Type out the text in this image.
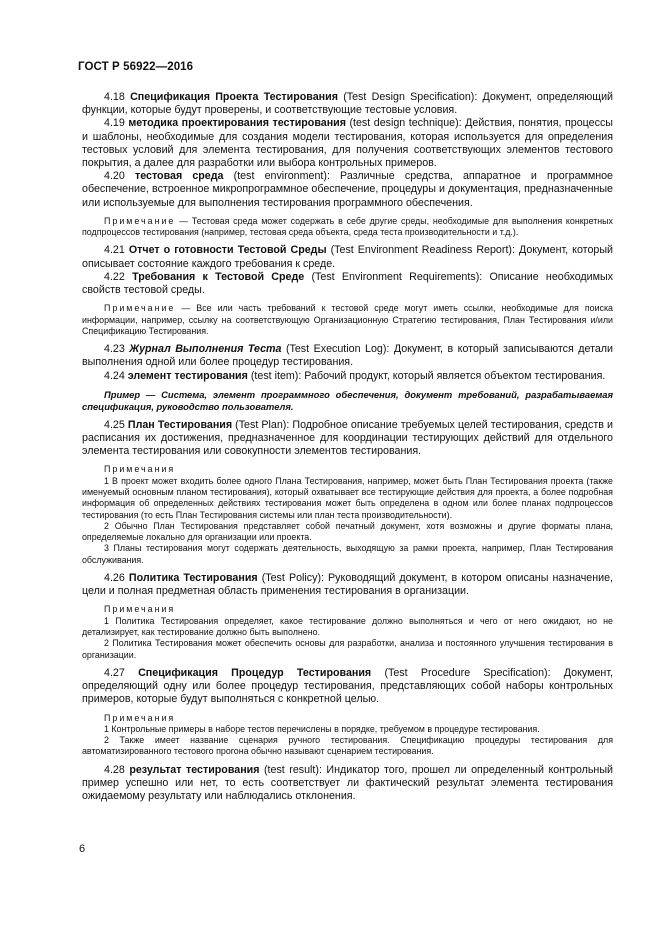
ГОСТ Р 56922—2016

4.18 Спецификация Проекта Тестирования (Test Design Specification): Документ, определяющий функции, которые будут проверены, и соответствующие тестовые условия.

4.19 методика проектирования тестирования (test design technique): Действия, понятия, процессы и шаблоны, необходимые для создания модели тестирования, которая используется для определения тестовых условий для элемента тестирования, для получения соответствующих элементов тестового покрытия, а далее для разработки или выбора контрольных примеров.

4.20 тестовая среда (test environment): Различные средства, аппаратное и программное обеспечение, встроенное микропрограммное обеспечение, процедуры и документация, предназначенные или используемые для выполнения тестирования программного обеспечения.

Примечание — Тестовая среда может содержать в себе другие среды, необходимые для выполнения конкретных подпроцессов тестирования (например, тестовая среда объекта, среда теста производительности и т.д.).

4.21 Отчет о готовности Тестовой Среды (Test Environment Readiness Report): Документ, который описывает состояние каждого требования к среде.

4.22 Требования к Тестовой Среде (Test Environment Requirements): Описание необходимых свойств тестовой среды.

Примечание — Все или часть требований к тестовой среде могут иметь ссылки, необходимые для поиска информации, например, ссылку на соответствующую Организационную Стратегию тестирования, План Тестирования и/или Спецификацию Тестирования.

4.23 Журнал Выполнения Теста (Test Execution Log): Документ, в который записываются детали выполнения одной или более процедур тестирования.

4.24 элемент тестирования (test item): Рабочий продукт, который является объектом тестирования.

Пример — Система, элемент программного обеспечения, документ требований, разрабатываемая спецификация, руководство пользователя.

4.25 План Тестирования (Test Plan): Подробное описание требуемых целей тестирования, средств и расписания их достижения, предназначенное для координации тестирующих действий для отдельного элемента тестирования или совокупности элементов тестирования.

Примечания

1 В проект может входить более одного Плана Тестирования, например, может быть План Тестирования проекта (также именуемый основным планом тестирования), который охватывает все тестирующие действия для проекта, а более подробная информация об определенных действиях тестирования может быть определена в одном или более планах подпроцессов тестирования (то есть План Тестирования системы или план теста производительности).

2 Обычно План Тестирования представляет собой печатный документ, хотя возможны и другие форматы плана, определяемые локально для организации или проекта.

3 Планы тестирования могут содержать деятельность, выходящую за рамки проекта, например, План Тестирования обслуживания.

4.26 Политика Тестирования (Test Policy): Руководящий документ, в котором описаны назначение, цели и полная предметная область применения тестирования в организации.

Примечания

1 Политика Тестирования определяет, какое тестирование должно выполняться и чего от него ожидают, но не детализирует, как тестирование должно быть выполнено.

2 Политика Тестирования может обеспечить основы для разработки, анализа и постоянного улучшения тестирования в организации.

4.27 Спецификация Процедур Тестирования (Test Procedure Specification): Документ, определяющий одну или более процедур тестирования, представляющих собой наборы контрольных примеров, которые будут выполняться с конкретной целью.

Примечания

1 Контрольные примеры в наборе тестов перечислены в порядке, требуемом в процедуре тестирования.

2 Также имеет название сценария ручного тестирования. Спецификацию процедуры тестирования для автоматизированного тестового прогона обычно называют сценарием тестирования.

4.28 результат тестирования (test result): Индикатор того, прошел ли определенный контрольный пример успешно или нет, то есть соответствует ли фактический результат элемента тестирования ожидаемому результату или наблюдались отклонения.

6
